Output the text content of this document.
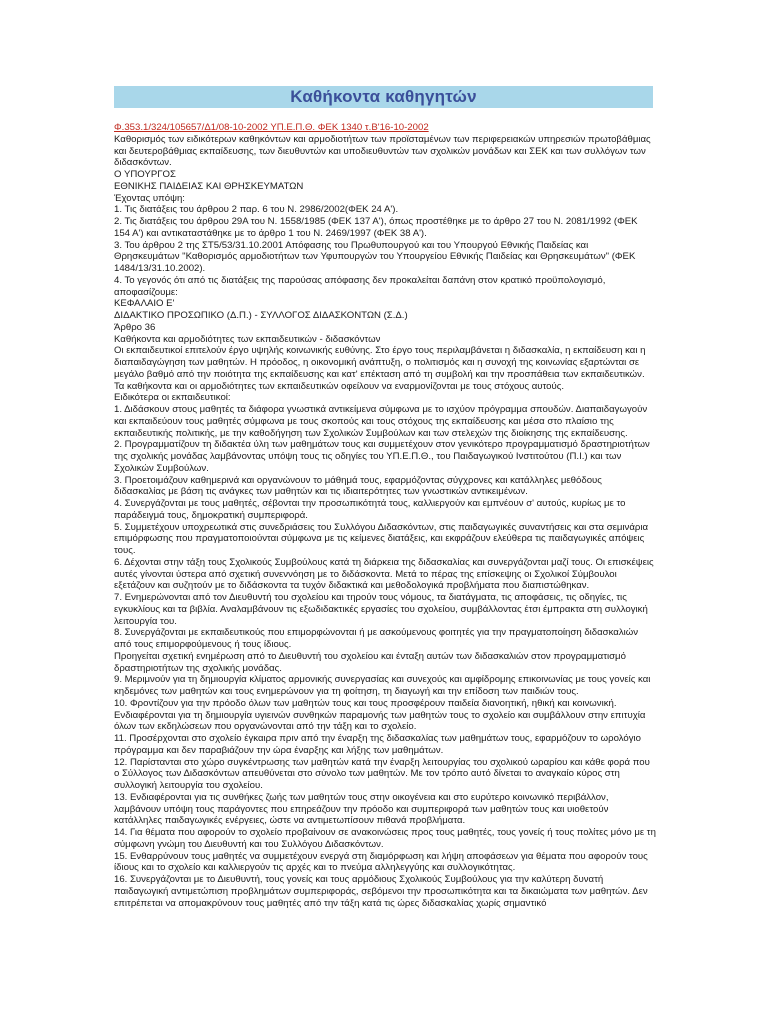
Καθήκοντα καθηγητών

Φ.353.1/324/105657/Δ1/08-10-2002 ΥΠ.Ε.Π.Θ. ΦΕΚ 1340 τ.Β'16-10-2002

Καθορισμός των ειδικότερων καθηκόντων και αρμοδιοτήτων των προϊσταμένων των περιφερειακών υπηρεσιών πρωτοβάθμιας και δευτεροβάθμιας εκπαίδευσης, των διευθυντών και υποδιευθυντών των σχολικών μονάδων και ΣΕΚ και των συλλόγων των διδασκόντων.

Ο ΥΠΟΥΡΓΟΣ

ΕΘΝΙΚΗΣ ΠΑΙΔΕΙΑΣ ΚΑΙ ΘΡΗΣΚΕΥΜΑΤΩΝ

Έχοντας υπόψη:

1. Τις διατάξεις του άρθρου 2 παρ. 6 του Ν. 2986/2002(ΦΕΚ 24 Α').

2. Τις διατάξεις του άρθρου 29Α του Ν. 1558/1985 (ΦΕΚ 137 Α'), όπως προστέθηκε με το άρθρο 27 του Ν. 2081/1992 (ΦΕΚ 154 Α') και αντικαταστάθηκε με το άρθρο 1 του Ν. 2469/1997 (ΦΕΚ 38 Α').

3. Του άρθρου 2 της ΣΤ5/53/31.10.2001 Απόφασης του Πρωθυπουργού και του Υπουργού Εθνικής Παιδείας και Θρησκευμάτων "Καθορισμός αρμοδιοτήτων των Υφυπουργών του Υπουργείου Εθνικής Παιδείας και Θρησκευμάτων" (ΦΕΚ 1484/13/31.10.2002).

4. Το γεγονός ότι από τις διατάξεις της παρούσας απόφασης δεν προκαλείται δαπάνη στον κρατικό προϋπολογισμό, αποφασίζουμε:

ΚΕΦΑΛΑΙΟ Ε'

ΔΙΔΑΚΤΙΚΟ ΠΡΟΣΩΠΙΚΟ (Δ.Π.) - ΣΥΛΛΟΓΟΣ ΔΙΔΑΣΚΟΝΤΩΝ (Σ.Δ.)

Άρθρο 36

Καθήκοντα και αρμοδιότητες των εκπαιδευτικών - διδασκόντων

Οι εκπαιδευτικοί επιτελούν έργο υψηλής κοινωνικής ευθύνης. Στο έργο τους περιλαμβάνεται η διδασκαλία, η εκπαίδευση και η διαπαιδαγώγηση των μαθητών. Η πρόοδος, η οικονομική ανάπτυξη, ο πολιτισμός και η συνοχή της κοινωνίας εξαρτώνται σε μεγάλο βαθμό από την ποιότητα της εκπαίδευσης και κατ' επέκταση από τη συμβολή και την προσπάθεια των εκπαιδευτικών. Τα καθήκοντα και οι αρμοδιότητες των εκπαιδευτικών οφείλουν να εναρμονίζονται με τους στόχους αυτούς.

Ειδικότερα οι εκπαιδευτικοί:

1. Διδάσκουν στους μαθητές τα διάφορα γνωστικά αντικείμενα σύμφωνα με το ισχύον πρόγραμμα σπουδών. Διαπαιδαγωγούν και εκπαιδεύουν τους μαθητές σύμφωνα με τους σκοπούς και τους στόχους της εκπαίδευσης και μέσα στο πλαίσιο της εκπαιδευτικής πολιτικής, με την καθοδήγηση των Σχολικών Συμβούλων και των στελεχών της διοίκησης της εκπαίδευσης.

2. Προγραμματίζουν τη διδακτέα ύλη των μαθημάτων τους και συμμετέχουν στον γενικότερο προγραμματισμό δραστηριοτήτων της σχολικής μονάδας λαμβάνοντας υπόψη τους τις οδηγίες του ΥΠ.Ε.Π.Θ., του Παιδαγωγικού Ινστιτούτου (Π.Ι.) και των Σχολικών Συμβούλων.

3. Προετοιμάζουν καθημερινά και οργανώνουν το μάθημά τους, εφαρμόζοντας σύγχρονες και κατάλληλες μεθόδους διδασκαλίας με βάση τις ανάγκες των μαθητών και τις ιδιαιτερότητες των γνωστικών αντικειμένων.

4. Συνεργάζονται με τους μαθητές, σέβονται την προσωπικότητά τους, καλλιεργούν και εμπνέουν σ' αυτούς, κυρίως με το παράδειγμά τους, δημοκρατική συμπεριφορά.

5. Συμμετέχουν υποχρεωτικά στις συνεδριάσεις του Συλλόγου Διδασκόντων, στις παιδαγωγικές συναντήσεις και στα σεμινάρια επιμόρφωσης που πραγματοποιούνται σύμφωνα με τις κείμενες διατάξεις, και εκφράζουν ελεύθερα τις παιδαγωγικές απόψεις τους.

6. Δέχονται στην τάξη τους Σχολικούς Συμβούλους κατά τη διάρκεια της διδασκαλίας και συνεργάζονται μαζί τους. Οι επισκέψεις αυτές γίνονται ύστερα από σχετική συνεννόηση με το διδάσκοντα. Μετά το πέρας της επίσκεψης οι Σχολικοί Σύμβουλοι εξετάζουν και συζητούν με το διδάσκοντα τα τυχόν διδακτικά και μεθοδολογικά προβλήματα που διαπιστώθηκαν.

7. Ενημερώνονται από τον Διευθυντή του σχολείου και τηρούν τους νόμους, τα διατάγματα, τις αποφάσεις, τις οδηγίες, τις εγκυκλίους και τα βιβλία. Αναλαμβάνουν τις εξωδιδακτικές εργασίες του σχολείου, συμβάλλοντας έτσι έμπρακτα στη συλλογική λειτουργία του.

8. Συνεργάζονται με εκπαιδευτικούς που επιμορφώνονται ή με ασκούμενους φοιτητές για την πραγματοποίηση διδασκαλιών από τους επιμορφούμενους ή τους ίδιους.

Προηγείται σχετική ενημέρωση από το Διευθυντή του σχολείου και ένταξη αυτών των διδασκαλιών στον προγραμματισμό δραστηριοτήτων της σχολικής μονάδας.

9. Μεριμνούν για τη δημιουργία κλίματος αρμονικής συνεργασίας και συνεχούς και αμφίδρομης επικοινωνίας με τους γονείς και κηδεμόνες των μαθητών και τους ενημερώνουν για τη φοίτηση, τη διαγωγή και την επίδοση των παιδιών τους.

10. Φροντίζουν για την πρόοδο όλων των μαθητών τους και τους προσφέρουν παιδεία διανοητική, ηθική και κοινωνική. Ενδιαφέρονται για τη δημιουργία υγιεινών συνθηκών παραμονής των μαθητών τους το σχολείο και συμβάλλουν στην επιτυχία όλων των εκδηλώσεων που οργανώνονται από την τάξη και το σχολείο.

11. Προσέρχονται στο σχολείο έγκαιρα πριν από την έναρξη της διδασκαλίας των μαθημάτων τους, εφαρμόζουν το ωρολόγιο πρόγραμμα και δεν παραβιάζουν την ώρα έναρξης και λήξης των μαθημάτων.

12. Παρίστανται στο χώρο συγκέντρωσης των μαθητών κατά την έναρξη λειτουργίας του σχολικού ωραρίου και κάθε φορά που ο Σύλλογος των Διδασκόντων απευθύνεται στο σύνολο των μαθητών. Με τον τρόπο αυτό δίνεται το αναγκαίο κύρος στη συλλογική λειτουργία του σχολείου.

13. Ενδιαφέρονται για τις συνθήκες ζωής των μαθητών τους στην οικογένεια και στο ευρύτερο κοινωνικό περιβάλλον, λαμβάνουν υπόψη τους παράγοντες που επηρεάζουν την πρόοδο και συμπεριφορά των μαθητών τους και υιοθετούν κατάλληλες παιδαγωγικές ενέργειες, ώστε να αντιμετωπίσουν πιθανά προβλήματα.

14. Για θέματα που αφορούν το σχολείο προβαίνουν σε ανακοινώσεις προς τους μαθητές, τους γονείς ή τους πολίτες μόνο με τη σύμφωνη γνώμη του Διευθυντή και του Συλλόγου Διδασκόντων.

15. Ενθαρρύνουν τους μαθητές να συμμετέχουν ενεργά στη διαμόρφωση και λήψη αποφάσεων για θέματα που αφορούν τους ίδιους και το σχολείο και καλλιεργούν τις αρχές και το πνεύμα αλληλεγγύης και συλλογικότητας.

16. Συνεργάζονται με το Διευθυντή, τους γονείς και τους αρμόδιους Σχολικούς Συμβούλους για την καλύτερη δυνατή παιδαγωγική αντιμετώπιση προβλημάτων συμπεριφοράς, σεβόμενοι την προσωπικότητα και τα δικαιώματα των μαθητών. Δεν επιτρέπεται να απομακρύνουν τους μαθητές από την τάξη κατά τις ώρες διδασκαλίας χωρίς σημαντικό
